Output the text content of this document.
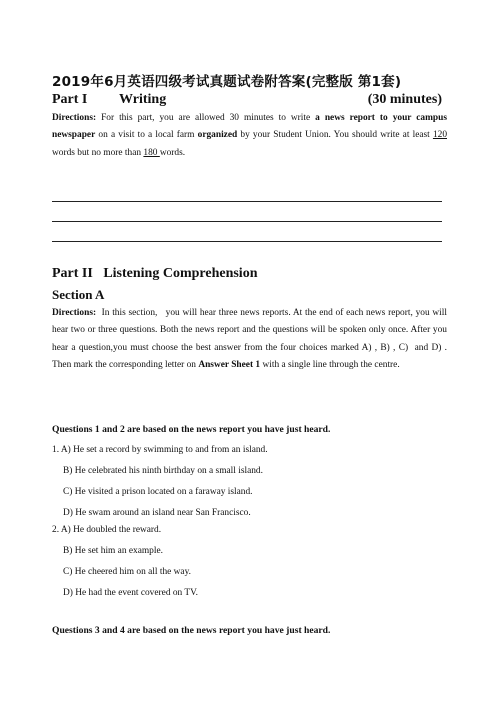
2019年6月英语四级考试真题试卷附答案(完整版 第1套)
Part I Writing	(30 minutes)
Directions: For this part, you are allowed 30 minutes to write a news report to your campus newspaper on a visit to a local farm organized by your Student Union. You should write at least 120 words but no more than 180 words.
Part II   Listening Comprehension
Section A
Directions:  In this section,   you will hear three news reports. At the end of each news report, you will hear two or three questions. Both the news report and the questions will be spoken only once. After you hear a question,you must choose the best answer from the four choices marked A) , B) , C)  and D) . Then mark the corresponding letter on Answer Sheet 1 with a single line through the centre.
Questions 1 and 2 are based on the news report you have just heard.
1. A) He set a record by swimming to and from an island.
B) He celebrated his ninth birthday on a small island.
C) He visited a prison located on a faraway island.
D) He swam around an island near San Francisco.
2. A) He doubled the reward.
B) He set him an example.
C) He cheered him on all the way.
D) He had the event covered on TV.
Questions 3 and 4 are based on the news report you have just heard.
